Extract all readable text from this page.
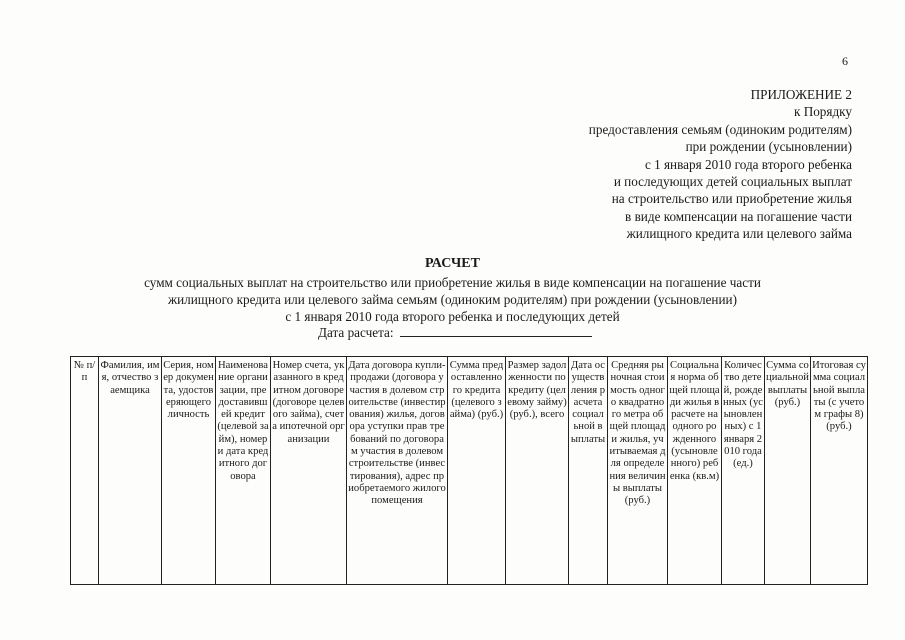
6
ПРИЛОЖЕНИЕ 2
к Порядку
предоставления семьям (одиноким родителям)
при рождении (усыновлении)
с 1 января 2010 года второго ребенка
и последующих детей социальных выплат
на строительство или приобретение жилья
в виде компенсации на погашение части
жилищного кредита или целевого займа
РАСЧЕТ
сумм социальных выплат на строительство или приобретение жилья в виде компенсации на погашение части
жилищного кредита или целевого займа семьям (одиноким родителям) при рождении (усыновлении)
с 1 января 2010 года второго ребенка и последующих детей
Дата расчета:
№ п/п	Фамилия, имя, отчество заемщика	Серия, номер документа, удостоверяющего личность	Наименование организации, предоставившей кредит (целевой займ), номер и дата кредитного договора	Номер счета, указанного в кредитном договоре (договоре целевого займа), счета ипотечной организации	Дата договора купли-продажи (договора участия в долевом строительстве (инвестирования) жилья, договора уступки прав требований по договорам участия в долевом строительстве (инвестирования), адрес приобретаемого жилого помещения	Сумма предоставленного кредита (целевого займа) (руб.)	Размер задолженности по кредиту (целевому займу) (руб.), всего	Дата осуществления расчета социальной выплаты	Средняя рыночная стоимость одного квадратного метра общей площади жилья, учитываемая для определения величины выплаты (руб.)	Социальная норма общей площади жилья в расчете на одного рожденного (усыновленного) ребенка (кв.м)	Количество детей, рожденных (усыновленных) с 1 января 2010 года (ед.)	Сумма социальной выплаты (руб.)	Итоговая сумма социальной выплаты (с учетом графы 8) (руб.)
